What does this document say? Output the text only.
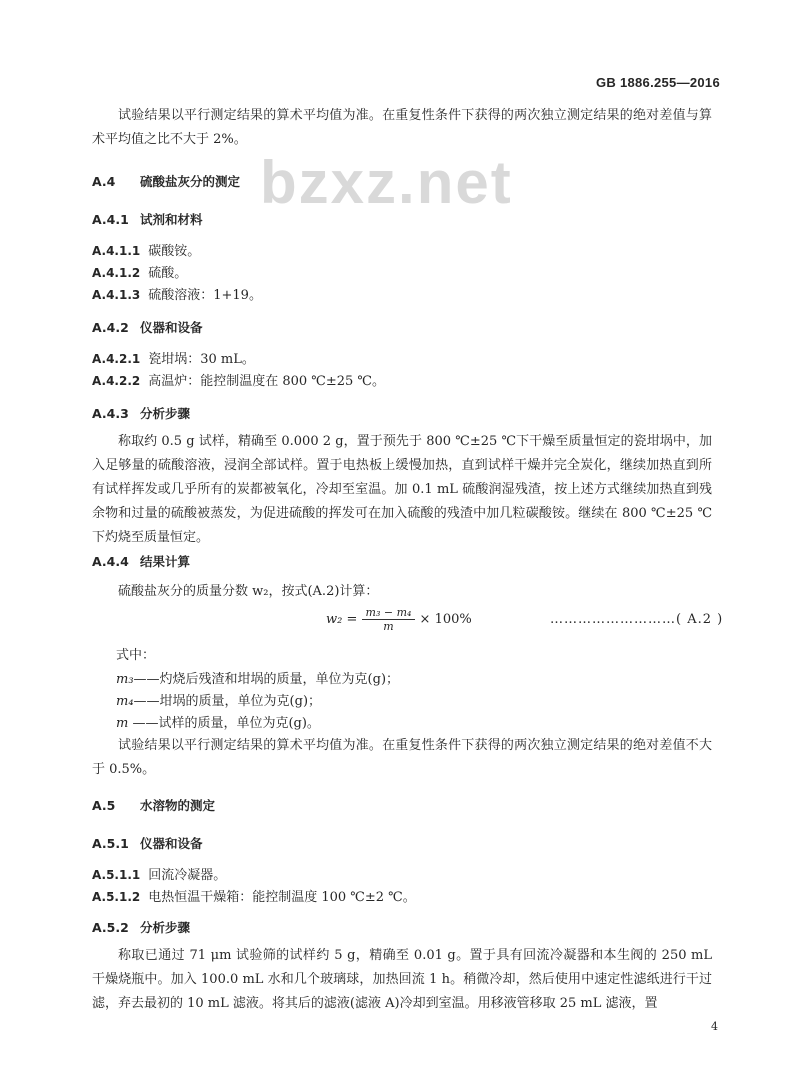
GB 1886.255—2016
bzxz.net
试验结果以平行测定结果的算术平均值为准。在重复性条件下获得的两次独立测定结果的绝对差值与算术平均值之比不大于 2%。
A.4 硫酸盐灰分的测定
A.4.1 试剂和材料
A.4.1.1 碳酸铵。
A.4.1.2 硫酸。
A.4.1.3 硫酸溶液：1+19。
A.4.2 仪器和设备
A.4.2.1 瓷坩埚：30 mL。
A.4.2.2 高温炉：能控制温度在 800 ℃±25 ℃。
A.4.3 分析步骤
称取约 0.5 g 试样，精确至 0.000 2 g，置于预先于 800 ℃±25 ℃下干燥至质量恒定的瓷坩埚中，加入足够量的硫酸溶液，浸润全部试样。置于电热板上缓慢加热，直到试样干燥并完全炭化，继续加热直到所有试样挥发或几乎所有的炭都被氧化，冷却至室温。加 0.1 mL 硫酸润湿残渣，按上述方式继续加热直到残余物和过量的硫酸被蒸发，为促进硫酸的挥发可在加入硫酸的残渣中加几粒碳酸铵。继续在 800 ℃±25 ℃下灼烧至质量恒定。
A.4.4 结果计算
硫酸盐灰分的质量分数 w₂，按式(A.2)计算：
$w_2 = \frac{\text{m₃ − m₄}}{m} \times 100\%$	………………………( A.2 )
式中：
m₃——灼烧后残渣和坩埚的质量，单位为克(g)；
m₄——坩埚的质量，单位为克(g)；
m ——试样的质量，单位为克(g)。
试验结果以平行测定结果的算术平均值为准。在重复性条件下获得的两次独立测定结果的绝对差值不大于 0.5%。
A.5 水溶物的测定
A.5.1 仪器和设备
A.5.1.1 回流冷凝器。
A.5.1.2 电热恒温干燥箱：能控制温度 100 ℃±2 ℃。
A.5.2 分析步骤
称取已通过 71 μm 试验筛的试样约 5 g，精确至 0.01 g。置于具有回流冷凝器和本生阀的 250 mL 干燥烧瓶中。加入 100.0 mL 水和几个玻璃球，加热回流 1 h。稍微冷却，然后使用中速定性滤纸进行干过滤，弃去最初的 10 mL 滤液。将其后的滤液(滤液 A)冷却到室温。用移液管移取 25 mL 滤液，置
4
